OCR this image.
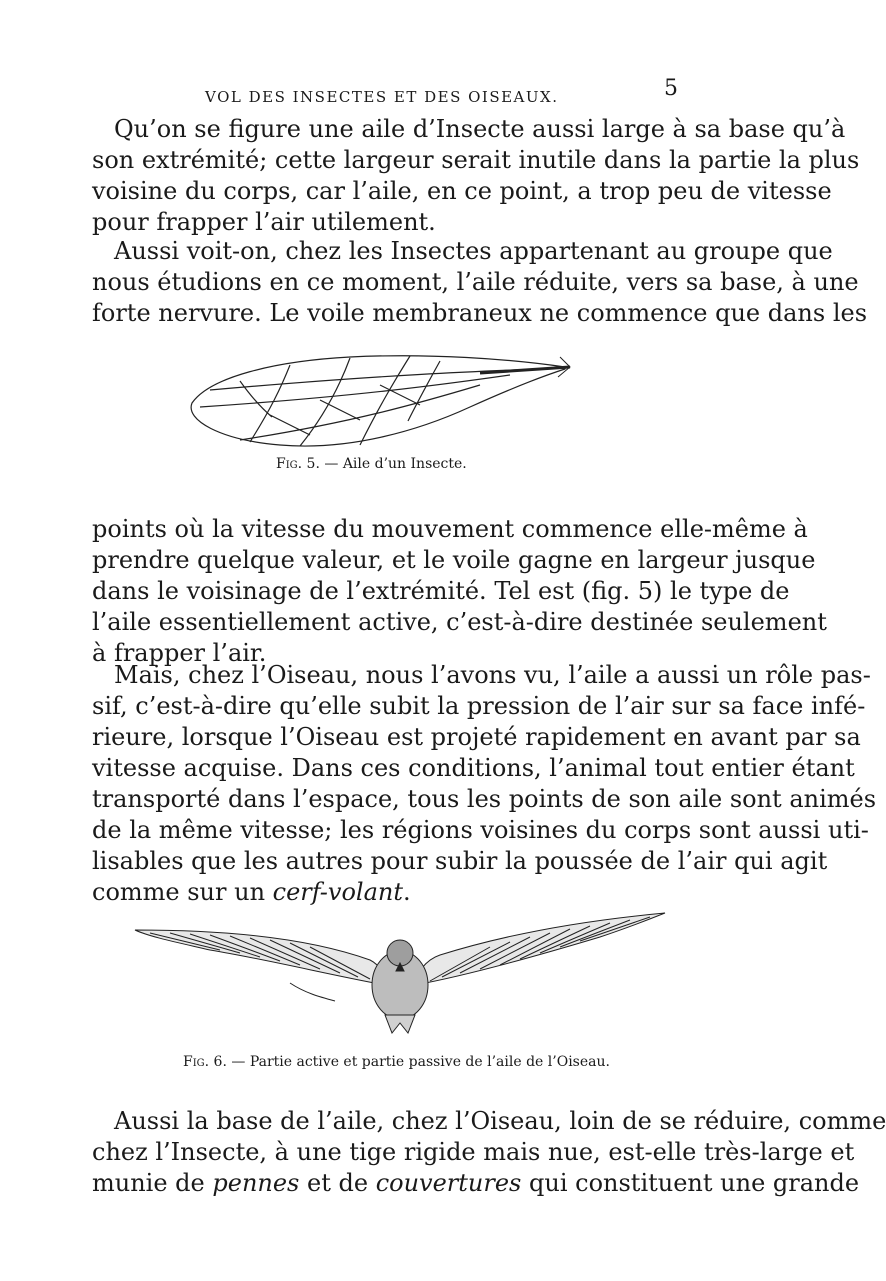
VOL DES INSECTES ET DES OISEAUX.	5

Qu’on se figure une aile d’Insecte aussi large à sa base qu’à
son extrémité; cette largeur serait inutile dans la partie la plus
voisine du corps, car l’aile, en ce point, a trop peu de vitesse
pour frapper l’air utilement.

Aussi voit-on, chez les Insectes appartenant au groupe que
nous étudions en ce moment, l’aile réduite, vers sa base, à une
forte nervure. Le voile membraneux ne commence que dans les

Fig. 5. — Aile d’un Insecte.

points où la vitesse du mouvement commence elle-même à
prendre quelque valeur, et le voile gagne en largeur jusque
dans le voisinage de l’extrémité. Tel est (fig. 5) le type de
l’aile essentiellement active, c’est-à-dire destinée seulement
à frapper l’air.

Mais, chez l’Oiseau, nous l’avons vu, l’aile a aussi un rôle pas-
sif, c’est-à-dire qu’elle subit la pression de l’air sur sa face infé-
rieure, lorsque l’Oiseau est projeté rapidement en avant par sa
vitesse acquise. Dans ces conditions, l’animal tout entier étant
transporté dans l’espace, tous les points de son aile sont animés
de la même vitesse; les régions voisines du corps sont aussi uti-
lisables que les autres pour subir la poussée de l’air qui agit
comme sur un cerf-volant.

Fig. 6. — Partie active et partie passive de l’aile de l’Oiseau.

Aussi la base de l’aile, chez l’Oiseau, loin de se réduire, comme
chez l’Insecte, à une tige rigide mais nue, est-elle très-large et
munie de pennes et de couvertures qui constituent une grande
